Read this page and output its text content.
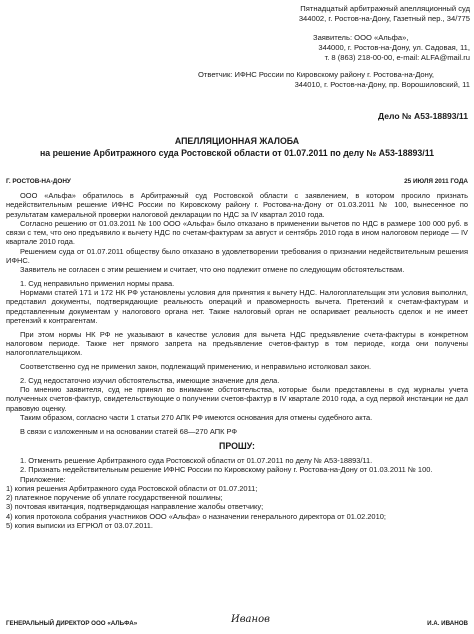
Пятнадцатый арбитражный апелляционный суд
344002, г. Ростов-на-Дону, Газетный пер., 34/775
Заявитель: ООО «Альфа»,
344000, г. Ростов-на-Дону, ул. Садовая, 11,
т. 8 (863) 218-00-00, e-mail: ALFA@mail.ru
Ответчик: ИФНС России по Кировскому району г. Ростова-на-Дону,
344010, г. Ростов-на-Дону, пр. Ворошиловский, 11
Дело № А53-18893/11
АПЕЛЛЯЦИОННАЯ ЖАЛОБА
на решение Арбитражного суда Ростовской области от 01.07.2011 по делу № А53-18893/11
Г. РОСТОВ-НА-ДОНУ	25 ИЮЛЯ 2011 ГОДА

ООО «Альфа» обратилось в Арбитражный суд Ростовской области с заявлением, в котором просило признать недействительным решение ИФНС России по Кировскому району г. Ростова-на-Дону от 01.03.2011 № 100, вынесенное по результатам камеральной проверки налоговой декларации по НДС за IV квартал 2010 года.

Согласно решению от 01.03.2011 № 100 ООО «Альфа» было отказано в применении вычетов по НДС в размере 100 000 руб. в связи с тем, что оно предъявило к вычету НДС по счетам-фактурам за август и сентябрь 2010 года в ином налоговом периоде — IV квартале 2010 года.

Решением суда от 01.07.2011 обществу было отказано в удовлетворении требования о признании недействительным решения ИФНС.

Заявитель не согласен с этим решением и считает, что оно подлежит отмене по следующим обстоятельствам.

1. Суд неправильно применил нормы права.

Нормами статей 171 и 172 НК РФ установлены условия для принятия к вычету НДС. Налогоплательщик эти условия выполнил, представил документы, подтверждающие реальность операций и правомерность вычета. Претензий к счетам-фактурам и представленным документам у налогового органа нет. Также налоговый орган не оспаривает реальность сделок и не имеет претензий к контрагентам.

При этом нормы НК РФ не указывают в качестве условия для вычета НДС предъявление счета-фактуры в конкретном налоговом периоде. Также нет прямого запрета на предъявление счетов-фактур в том периоде, когда они получены налогоплательщиком.

Соответственно суд не применил закон, подлежащий применению, и неправильно истолковал закон.

2. Суд недостаточно изучил обстоятельства, имеющие значение для дела.

По мнению заявителя, суд не принял во внимание обстоятельства, которые были представлены в суд журналы учета полученных счетов-фактур, свидетельствующие о получении счетов-фактур в IV квартале 2010 года, а суд первой инстанции не дал правовую оценку.

Таким образом, согласно части 1 статьи 270 АПК РФ имеются основания для отмены судебного акта.

В связи с изложенным и на основании статей 68—270 АПК РФ

ПРОШУ:

1. Отменить решение Арбитражного суда Ростовской области от 01.07.2011 по делу № А53-18893/11.

2. Признать недействительным решение ИФНС России по Кировскому району г. Ростова-на-Дону от 01.03.2011 № 100.

Приложение:

1) копия решения Арбитражного суда Ростовской области от 01.07.2011;

2) платежное поручение об уплате государственной пошлины;

3) почтовая квитанция, подтверждающая направление жалобы ответчику;

4) копия протокола собрания участников ООО «Альфа» о назначении генерального директора от 01.02.2010;

5) копия выписки из ЕГРЮЛ от 03.07.2011.

ГЕНЕРАЛЬНЫЙ ДИРЕКТОР ООО «АЛЬФА»	Иванов	И.А. ИВАНОВ
